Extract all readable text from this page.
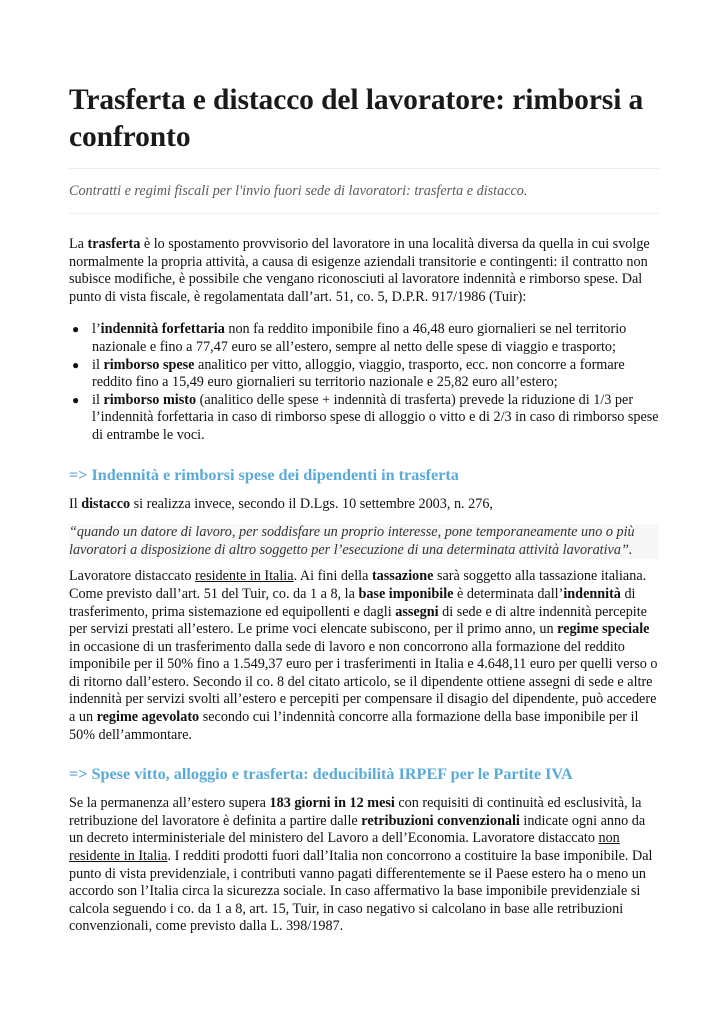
Trasferta e distacco del lavoratore: rimborsi a confronto

Contratti e regimi fiscali per l'invio fuori sede di lavoratori: trasferta e distacco.

La trasferta è lo spostamento provvisorio del lavoratore in una località diversa da quella in cui svolge normalmente la propria attività, a causa di esigenze aziendali transitorie e contingenti: il contratto non subisce modifiche, è possibile che vengano riconosciuti al lavoratore indennità e rimborso spese. Dal punto di vista fiscale, è regolamentata dall’art. 51, co. 5, D.P.R. 917/1986 (Tuir):

● l’indennità forfettaria non fa reddito imponibile fino a 46,48 euro giornalieri se nel territorio nazionale e fino a 77,47 euro se all’estero, sempre al netto delle spese di viaggio e trasporto;
● il rimborso spese analitico per vitto, alloggio, viaggio, trasporto, ecc. non concorre a formare reddito fino a 15,49 euro giornalieri su territorio nazionale e 25,82 euro all’estero;
● il rimborso misto (analitico delle spese + indennità di trasferta) prevede la riduzione di 1/3 per l’indennità forfettaria in caso di rimborso spese di alloggio o vitto e di 2/3 in caso di rimborso spese di entrambe le voci.
=> Indennità e rimborsi spese dei dipendenti in trasferta

Il distacco si realizza invece, secondo il D.Lgs. 10 settembre 2003, n. 276,

“quando un datore di lavoro, per soddisfare un proprio interesse, pone temporaneamente uno o più lavoratori a disposizione di altro soggetto per l’esecuzione di una determinata attività lavorativa”.

Lavoratore distaccato residente in Italia. Ai fini della tassazione sarà soggetto alla tassazione italiana. Come previsto dall’art. 51 del Tuir, co. da 1 a 8, la base imponibile è determinata dall’indennità di trasferimento, prima sistemazione ed equipollenti e dagli assegni di sede e di altre indennità percepite per servizi prestati all’estero. Le prime voci elencate subiscono, per il primo anno, un regime speciale in occasione di un trasferimento dalla sede di lavoro e non concorrono alla formazione del reddito imponibile per il 50% fino a 1.549,37 euro per i trasferimenti in Italia e 4.648,11 euro per quelli verso o di ritorno dall’estero. Secondo il co. 8 del citato articolo, se il dipendente ottiene assegni di sede e altre indennità per servizi svolti all’estero e percepiti per compensare il disagio del dipendente, può accedere a un regime agevolato secondo cui l’indennità concorre alla formazione della base imponibile per il 50% dell’ammontare.

=> Spese vitto, alloggio e trasferta: deducibilità IRPEF per le Partite IVA

Se la permanenza all’estero supera 183 giorni in 12 mesi con requisiti di continuità ed esclusività, la retribuzione del lavoratore è definita a partire dalle retribuzioni convenzionali indicate ogni anno da un decreto interministeriale del ministero del Lavoro a dell’Economia. Lavoratore distaccato non residente in Italia. I redditi prodotti fuori dall’Italia non concorrono a costituire la base imponibile. Dal punto di vista previdenziale, i contributi vanno pagati differentemente se il Paese estero ha o meno un accordo son l’Italia circa la sicurezza sociale. In caso affermativo la base imponibile previdenziale si calcola seguendo i co. da 1 a 8, art. 15, Tuir, in caso negativo si calcolano in base alle retribuzioni convenzionali, come previsto dalla L. 398/1987.
